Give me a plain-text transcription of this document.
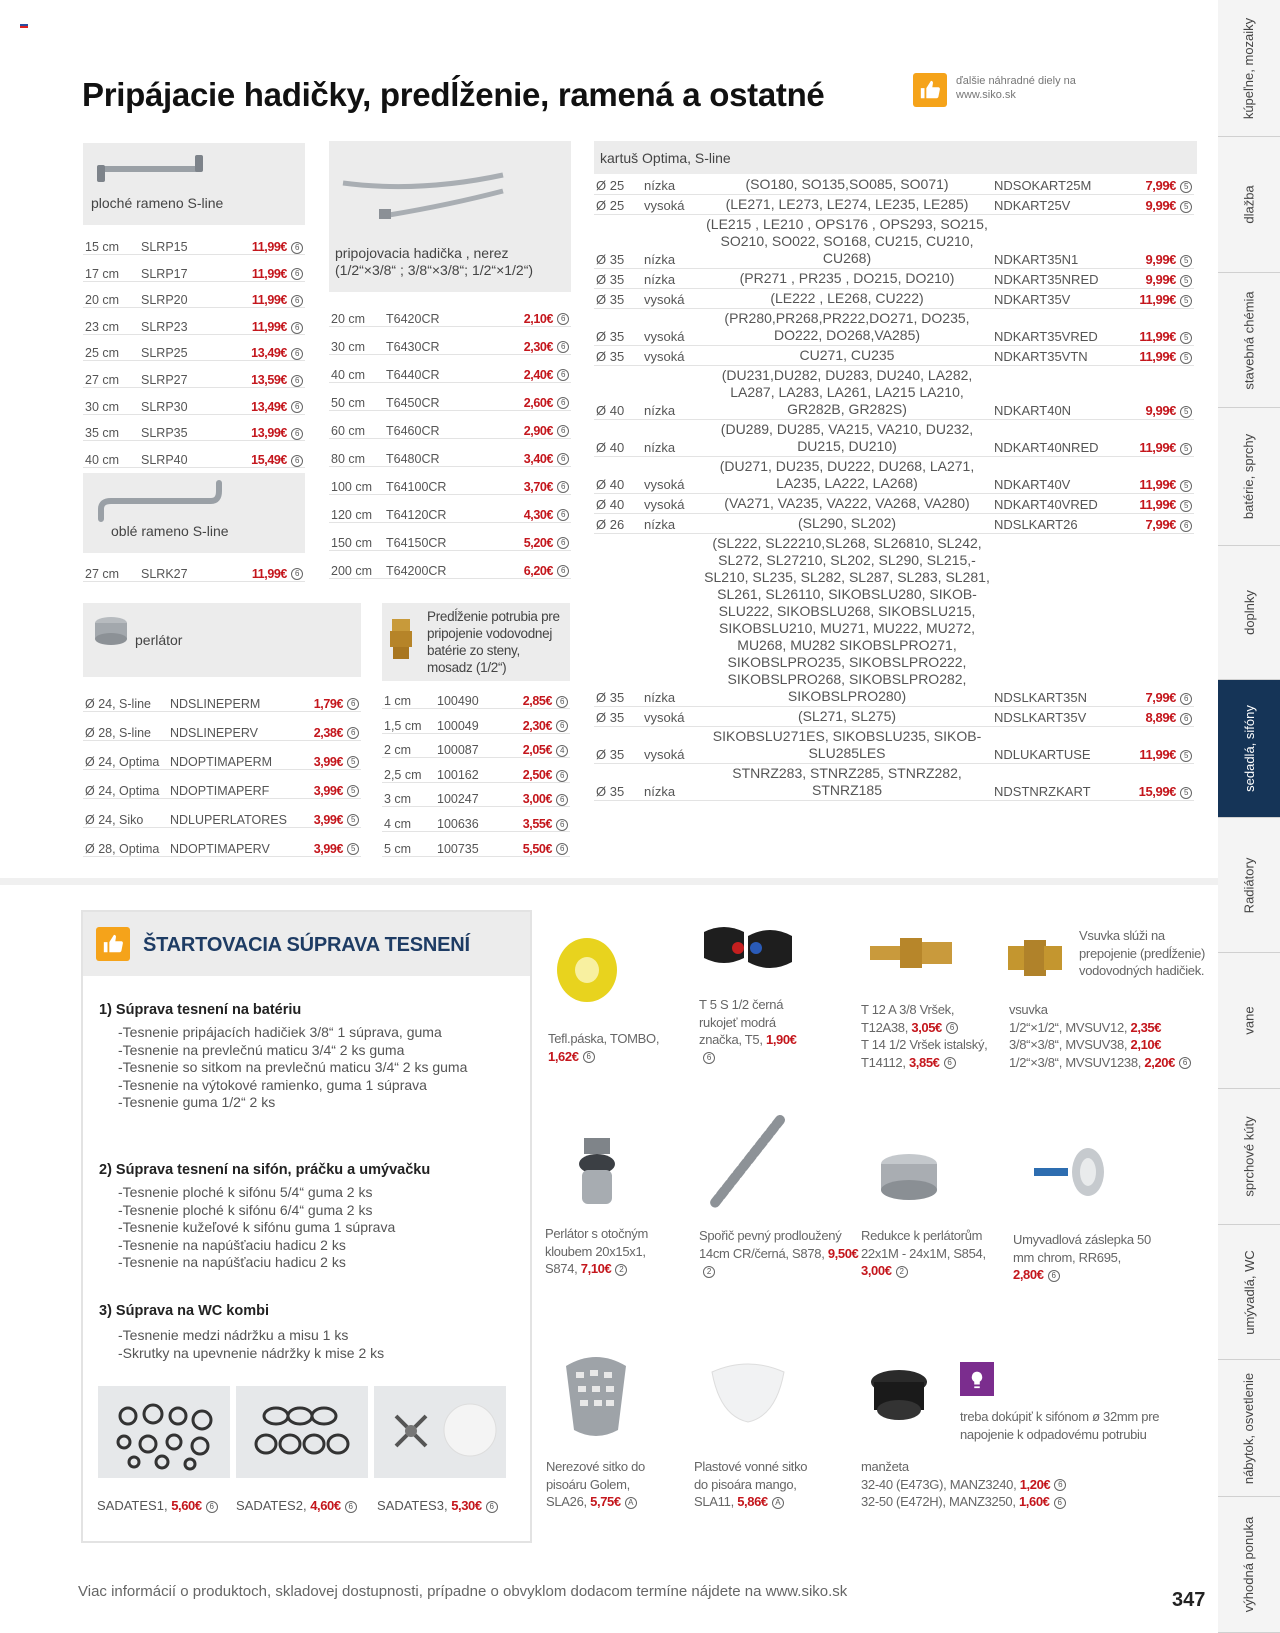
Pripájacie hadičky, predĺženie, ramená a ostatné	ďalšie náhradné diely na www.siko.sk
ploché rameno S-line
15 cm	SLRP15	11,99€ 6
17 cm	SLRP17	11,99€ 6
20 cm	SLRP20	11,99€ 6
23 cm	SLRP23	11,99€ 6
25 cm	SLRP25	13,49€ 6
27 cm	SLRP27	13,59€ 6
30 cm	SLRP30	13,49€ 6
35 cm	SLRP35	13,99€ 6
40 cm	SLRP40	15,49€ 6
oblé rameno S-line
27 cm	SLRK27	11,99€ 6
pripojovacia hadička , nerez
(1/2“×3/8“ ; 3/8“×3/8“; 1/2“×1/2“)
20 cm	T6420CR	2,10€ 6
30 cm	T6430CR	2,30€ 6
40 cm	T6440CR	2,40€ 6
50 cm	T6450CR	2,60€ 6
60 cm	T6460CR	2,90€ 6
80 cm	T6480CR	3,40€ 6
100 cm	T64100CR	3,70€ 6
120 cm	T64120CR	4,30€ 6
150 cm	T64150CR	5,20€ 6
200 cm	T64200CR	6,20€ 6
perlátor
Ø 24, S-line	NDSLINEPERM	1,79€ 6
Ø 28, S-line	NDSLINEPERV	2,38€ 6
Ø 24, Optima	NDOPTIMAPERM	3,99€ 5
Ø 24, Optima	NDOPTIMAPERF	3,99€ 5
Ø 24, Siko	NDLUPERLATORES	3,99€ 5
Ø 28, Optima	NDOPTIMAPERV	3,99€ 5
Predĺženie potrubia pre pripojenie vodovodnej batérie zo steny, mosadz (1/2“)
1 cm	100490	2,85€ 6
1,5 cm	100049	2,30€ 6
2 cm	100087	2,05€ 4
2,5 cm	100162	2,50€ 6
3 cm	100247	3,00€ 6
4 cm	100636	3,55€ 6
5 cm	100735	5,50€ 6
kartuš Optima, S-line
Ø 25	nízka	(SO180, SO135,SO085, SO071)	NDSOKART25M	7,99€ 5
Ø 25	vysoká	(LE271, LE273, LE274, LE235, LE285)	NDKART25V	9,99€ 5
Ø 35	nízka	(LE215 , LE210 , OPS176 , OPS293, SO215, SO210, SO022, SO168, CU215, CU210, CU268)	NDKART35N1	9,99€ 5
Ø 35	nízka	(PR271 , PR235 , DO215, DO210)	NDKART35NRED	9,99€ 5
Ø 35	vysoká	(LE222 , LE268, CU222)	NDKART35V	11,99€ 5
Ø 35	vysoká	(PR280,PR268,PR222,DO271, DO235, DO222, DO268,VA285)	NDKART35VRED	11,99€ 5
Ø 35	vysoká	CU271, CU235	NDKART35VTN	11,99€ 5
Ø 40	nízka	(DU231,DU282, DU283, DU240, LA282, LA287, LA283, LA261, LA215 LA210, GR282B, GR282S)	NDKART40N	9,99€ 5
Ø 40	nízka	(DU289, DU285, VA215, VA210, DU232, DU215, DU210)	NDKART40NRED	11,99€ 5
Ø 40	vysoká	(DU271, DU235, DU222, DU268, LA271, LA235, LA222, LA268)	NDKART40V	11,99€ 5
Ø 40	vysoká	(VA271, VA235, VA222, VA268, VA280)	NDKART40VRED	11,99€ 5
Ø 26	nízka	(SL290, SL202)	NDSLKART26	7,99€ 6
Ø 35	nízka	(SL222, SL22210,SL268, SL26810, SL242, SL272, SL27210, SL202, SL290, SL215,- SL210, SL235, SL282, SL287, SL283, SL281, SL261, SL26110, SIKOBSLU280, SIKOB- SLU222, SIKOBSLU268, SIKOBSLU215, SIKOBSLU210, MU271, MU222, MU272, MU268, MU282 SIKOBSLPRO271, SIKOBSLPRO235, SIKOBSLPRO222, SIKOBSLPRO268, SIKOBSLPRO282, SIKOBSLPRO280)	NDSLKART35N	7,99€ 6
Ø 35	vysoká	(SL271, SL275)	NDSLKART35V	8,89€ 6
Ø 35	vysoká	SIKOBSLU271ES, SIKOBSLU235, SIKOB- SLU285LES	NDLUKARTUSE	11,99€ 5
Ø 35	nízka	STNRZ283, STNRZ285, STNRZ282, STNRZ185	NDSTNRZKART	15,99€ 5
ŠTARTOVACIA SÚPRAVA TESNENÍ
1) Súprava tesnení na batériu
-Tesnenie pripájacích hadičiek 3/8“ 1 súprava, guma
-Tesnenie na prevlečnú maticu 3/4“ 2 ks guma
-Tesnenie so sitkom na prevlečnú maticu 3/4“ 2 ks guma
-Tesnenie na výtokové ramienko, guma 1 súprava
-Tesnenie guma 1/2“ 2 ks
2) Súprava tesnení na sifón, práčku a umývačku
-Tesnenie ploché k sifónu 5/4“ guma 2 ks
-Tesnenie ploché k sifónu 6/4“ guma 2 ks
-Tesnenie kužeľové k sifónu guma 1 súprava
-Tesnenie na napúšťaciu hadicu 2 ks
-Tesnenie na napúšťaciu hadicu 2 ks
3) Súprava na WC kombi
-Tesnenie medzi nádržku a misu 1 ks
-Skrutky na upevnenie nádržky k mise 2 ks
SADATES1, 5,60€ 6 SADATES2, 4,60€ 6 SADATES3, 5,30€ 6
Tefl.páska, TOMBO, 1,62€ 6
T 5 S 1/2 černá rukojeť modrá značka, T5, 1,90€6
T 12 A 3/8 Vršek, T12A38, 3,05€ 6
T 14 1/2 Vršek istalský, T14112, 3,85€ 6
Vsuvka slúži na prepojenie (predĺženie) vodovodných hadičiek.
vsuvka
1/2“×1/2“, MVSUV12, 2,35€
3/8“×3/8“, MVSUV38, 2,10€
1/2“×3/8“, MVSUV1238, 2,20€ 6
Perlátor s otočným kloubem 20x15x1, S874, 7,10€ 2
Spořič pevný prodloužený 14cm CR/černá, S878, 9,50€2
Redukce k perlátorům 22x1M - 24x1M, S854, 3,00€ 2
Umyvadlová záslepka 50 mm chrom, RR695, 2,80€ 6
Nerezové sitko do pisoáru Golem, SLA26, 5,75€ A
Plastové vonné sitko do pisoára mango, SLA11, 5,86€ A
treba dokúpiť k sifónom ø 32mm pre napojenie k odpadovému potrubiu
manžeta
32-40 (E473G), MANZ3240, 1,20€ 6
32-50 (E472H), MANZ3250, 1,60€ 6
Viac informácií o produktoch, skladovej dostupnosti, prípadne o obvyklom dodacom termíne nájdete na www.siko.sk	347
kúpeľne, mozaiky
dlažba
stavebná chémia
batérie, sprchy
doplnky
sedadlá, sifóny
Radiátory
vane
sprchové kúty
umývadlá, WC
nábytok, osvetlenie
výhodná ponuka
